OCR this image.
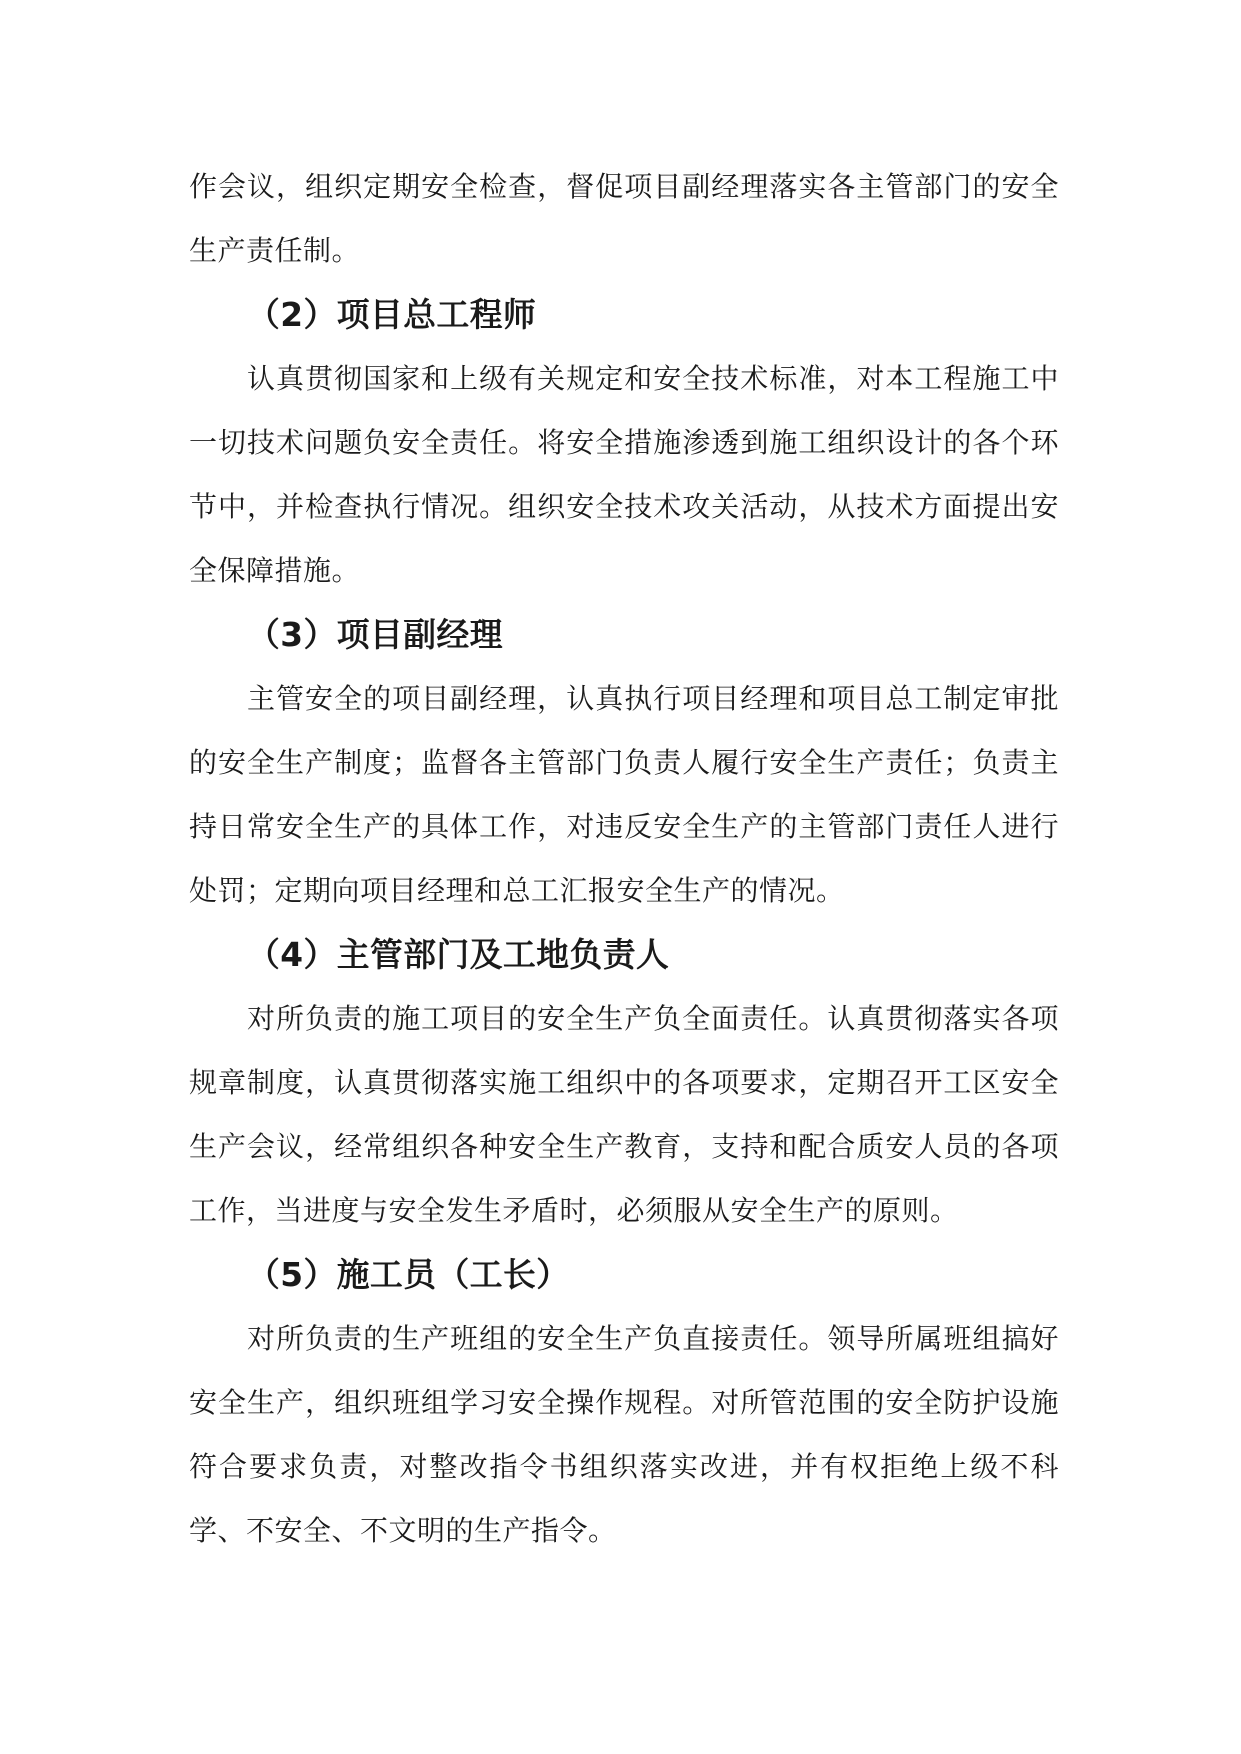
作会议，组织定期安全检查，督促项目副经理落实各主管部门的安全生产责任制。

（2）项目总工程师

认真贯彻国家和上级有关规定和安全技术标准，对本工程施工中一切技术问题负安全责任。将安全措施渗透到施工组织设计的各个环节中，并检查执行情况。组织安全技术攻关活动，从技术方面提出安全保障措施。

（3）项目副经理

主管安全的项目副经理，认真执行项目经理和项目总工制定审批的安全生产制度；监督各主管部门负责人履行安全生产责任；负责主持日常安全生产的具体工作，对违反安全生产的主管部门责任人进行处罚；定期向项目经理和总工汇报安全生产的情况。

（4）主管部门及工地负责人

对所负责的施工项目的安全生产负全面责任。认真贯彻落实各项规章制度，认真贯彻落实施工组织中的各项要求，定期召开工区安全生产会议，经常组织各种安全生产教育，支持和配合质安人员的各项工作，当进度与安全发生矛盾时，必须服从安全生产的原则。

（5）施工员（工长）

对所负责的生产班组的安全生产负直接责任。领导所属班组搞好安全生产，组织班组学习安全操作规程。对所管范围的安全防护设施符合要求负责，对整改指令书组织落实改进，并有权拒绝上级不科学、不安全、不文明的生产指令。
